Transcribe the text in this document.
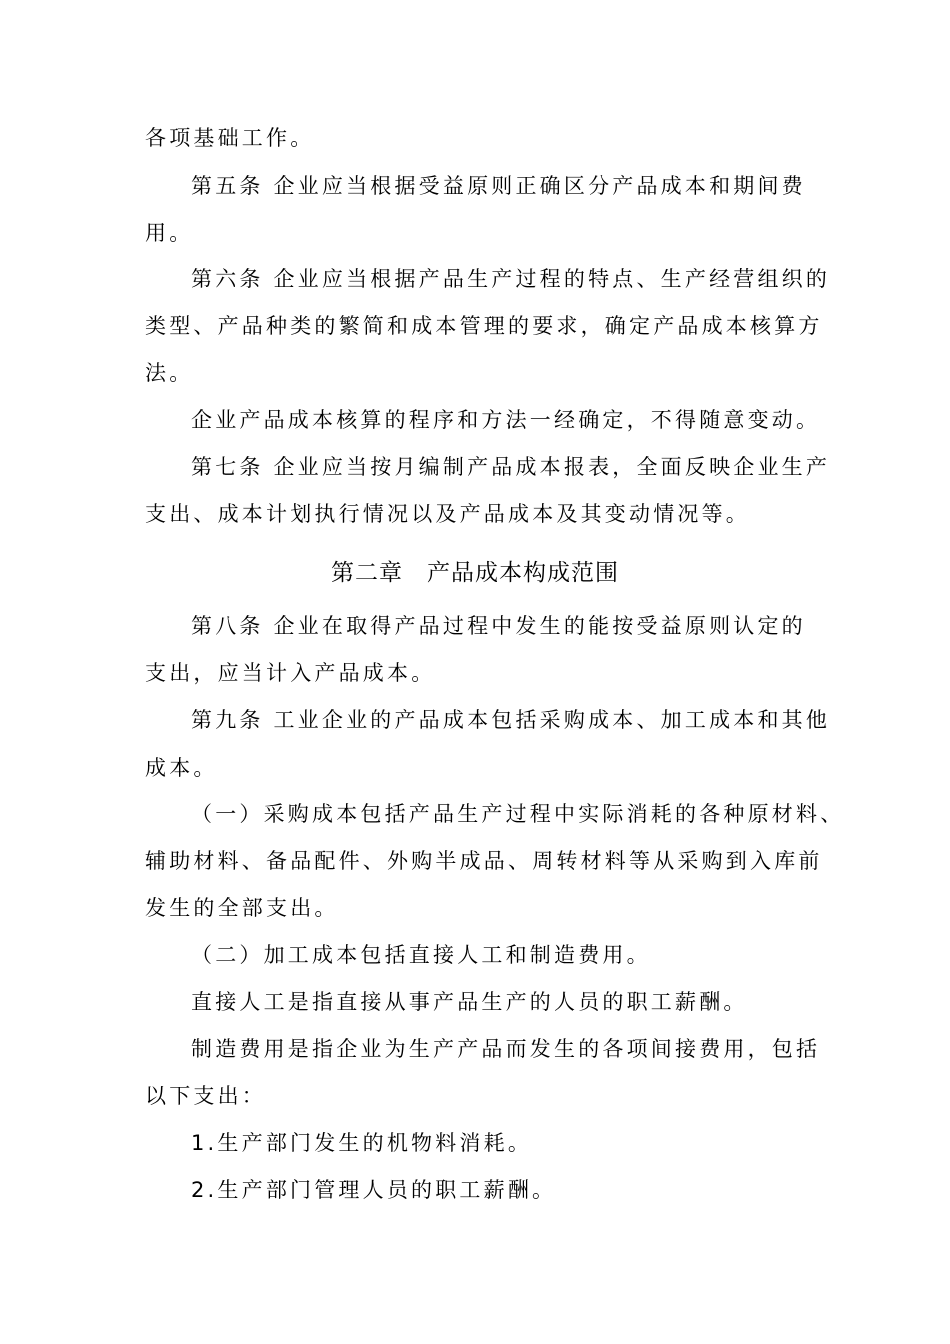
各项基础工作。
第五条 企业应当根据受益原则正确区分产品成本和期间费
用。
第六条 企业应当根据产品生产过程的特点、生产经营组织的
类型、产品种类的繁简和成本管理的要求，确定产品成本核算方
法。
企业产品成本核算的程序和方法一经确定，不得随意变动。
第七条 企业应当按月编制产品成本报表，全面反映企业生产
支出、成本计划执行情况以及产品成本及其变动情况等。
第二章　产品成本构成范围
第八条 企业在取得产品过程中发生的能按受益原则认定的
支出，应当计入产品成本。
第九条 工业企业的产品成本包括采购成本、加工成本和其他
成本。
（一）采购成本包括产品生产过程中实际消耗的各种原材料、
辅助材料、备品配件、外购半成品、周转材料等从采购到入库前
发生的全部支出。
（二）加工成本包括直接人工和制造费用。
直接人工是指直接从事产品生产的人员的职工薪酬。
制造费用是指企业为生产产品而发生的各项间接费用，包括
以下支出：
1.生产部门发生的机物料消耗。
2.生产部门管理人员的职工薪酬。
